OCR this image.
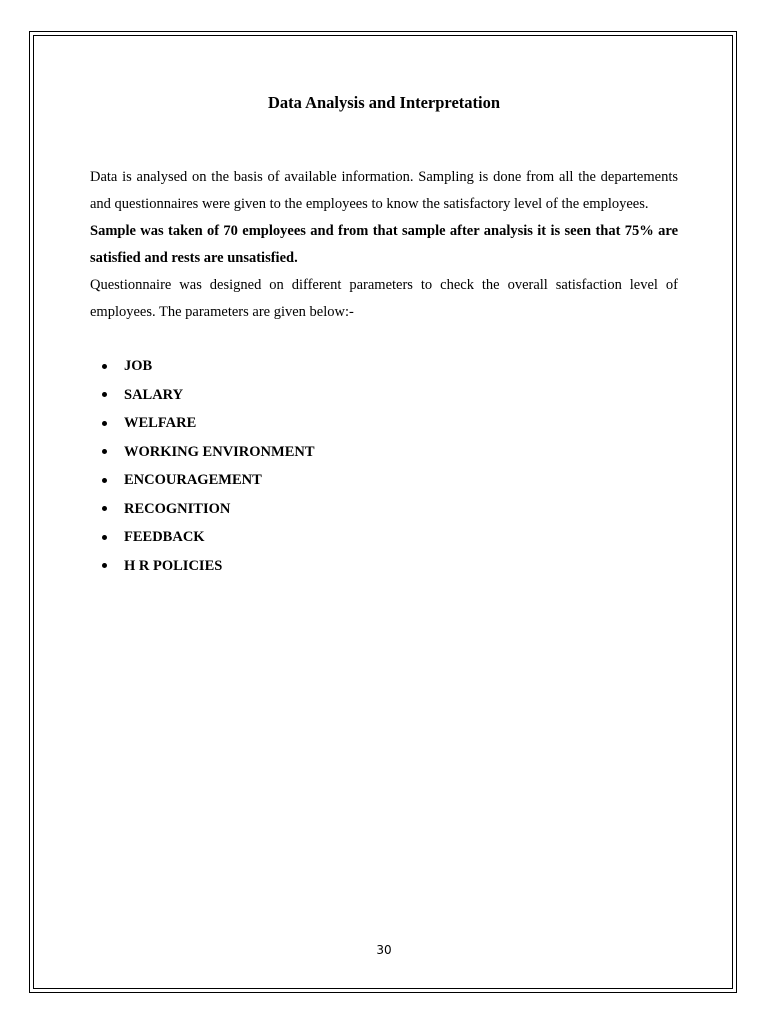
Data Analysis and Interpretation

Data is analysed on the basis of available information. Sampling is done from all the departements and questionnaires were given to the employees to know the satisfactory level of the employees.

Sample was taken of 70 employees and from that sample after analysis it is seen that 75% are satisfied and rests are unsatisfied.

Questionnaire was designed on different parameters to check the overall satisfaction level of employees. The parameters are given below:-

JOB
SALARY
WELFARE
WORKING ENVIRONMENT
ENCOURAGEMENT
RECOGNITION
FEEDBACK
H R POLICIES
30
